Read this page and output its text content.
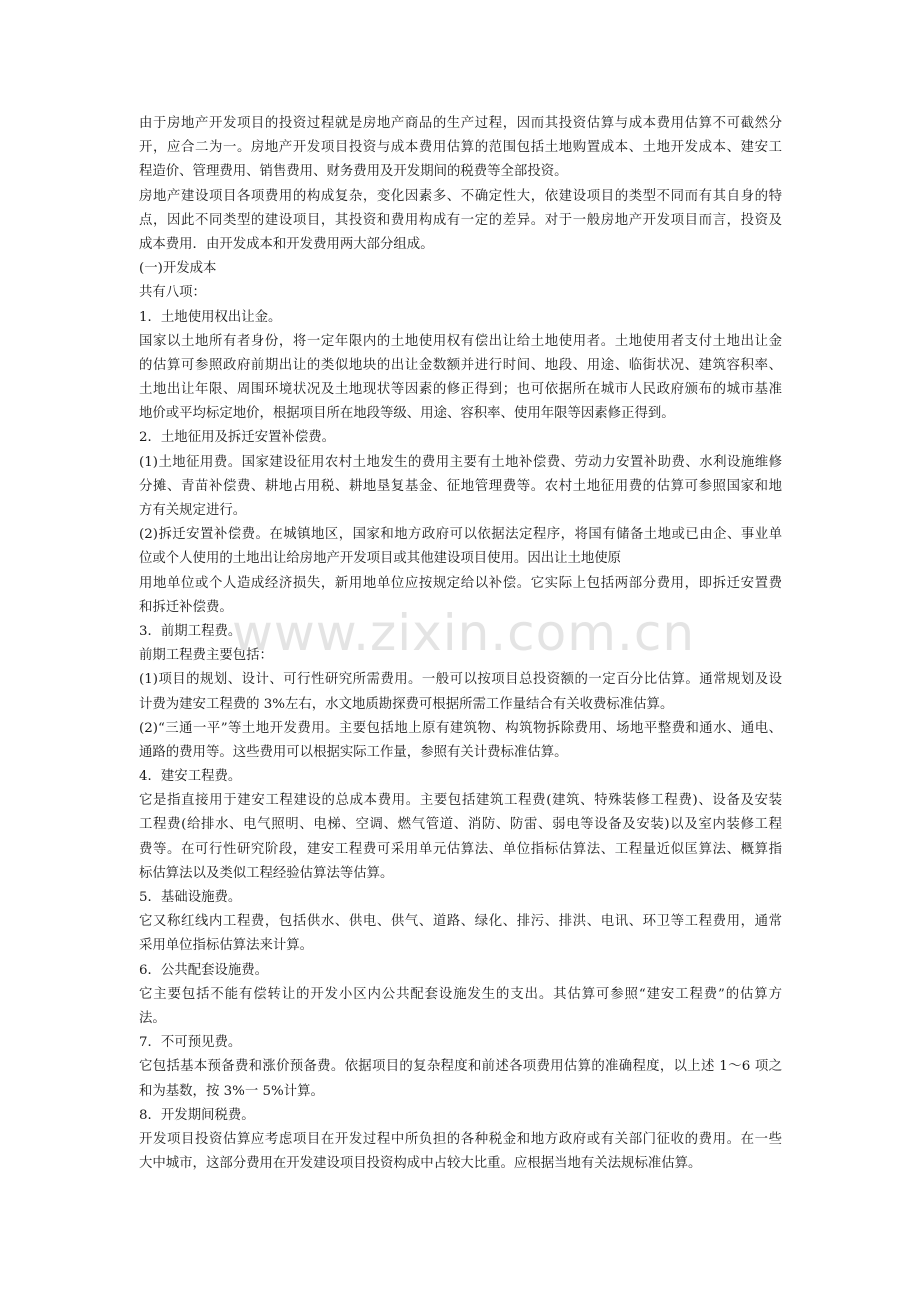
由于房地产开发项目的投资过程就是房地产商品的生产过程，因而其投资估算与成本费用估算不可截然分
开，应合二为一。房地产开发项目投资与成本费用估算的范围包括土地购置成本、土地开发成本、建安工
程造价、管理费用、销售费用、财务费用及开发期间的税费等全部投资。
房地产建设项目各项费用的构成复杂，变化因素多、不确定性大，依建设项目的类型不同而有其自身的特
点，因此不同类型的建设项目，其投资和费用构成有一定的差异。对于一般房地产开发项目而言，投资及
成本费用．由开发成本和开发费用两大部分组成。
(一)开发成本
共有八项：
1．土地使用权出让金。
国家以土地所有者身份，将一定年限内的土地使用权有偿出让给土地使用者。土地使用者支付土地出让金
的估算可参照政府前期出让的类似地块的出让金数额并进行时间、地段、用途、临街状况、建筑容积率、
土地出让年限、周围环境状况及土地现状等因素的修正得到；也可依据所在城市人民政府颁布的城市基准
地价或平均标定地价，根据项目所在地段等级、用途、容积率、使用年限等因素修正得到。
2．土地征用及拆迁安置补偿费。
(1)土地征用费。国家建设征用农村土地发生的费用主要有土地补偿费、劳动力安置补助费、水利设施维修
分摊、青苗补偿费、耕地占用税、耕地垦复基金、征地管理费等。农村土地征用费的估算可参照国家和地
方有关规定进行。
(2)拆迁安置补偿费。在城镇地区，国家和地方政府可以依据法定程序，将国有储备土地或已由企、事业单
位或个人使用的土地出让给房地产开发项目或其他建设项目使用。因出让土地使原
用地单位或个人造成经济损失，新用地单位应按规定给以补偿。它实际上包括两部分费用，即拆迁安置费
和拆迁补偿费。
3．前期工程费。
前期工程费主要包括：
(1)项目的规划、设计、可行性研究所需费用。一般可以按项目总投资额的一定百分比估算。通常规划及设
计费为建安工程费的 3%左右，水文地质勘探费可根据所需工作量结合有关收费标准估算。
(2)“三通一平”等土地开发费用。主要包括地上原有建筑物、构筑物拆除费用、场地平整费和通水、通电、
通路的费用等。这些费用可以根据实际工作量，参照有关计费标准估算。
4．建安工程费。
它是指直接用于建安工程建设的总成本费用。主要包括建筑工程费(建筑、特殊装修工程费)、设备及安装
工程费(给排水、电气照明、电梯、空调、燃气管道、消防、防雷、弱电等设备及安装)以及室内装修工程
费等。在可行性研究阶段，建安工程费可采用单元估算法、单位指标估算法、工程量近似匡算法、概算指
标估算法以及类似工程经验估算法等估算。
5．基础设施费。
它又称红线内工程费，包括供水、供电、供气、道路、绿化、排污、排洪、电讯、环卫等工程费用，通常
采用单位指标估算法来计算。
6．公共配套设施费。
它主要包括不能有偿转让的开发小区内公共配套设施发生的支出。其估算可参照“建安工程费”的估算方
法。
7．不可预见费。
它包括基本预备费和涨价预备费。依据项目的复杂程度和前述各项费用估算的准确程度，以上述 1～6 项之
和为基数，按 3%一 5%计算。
8．开发期间税费。
开发项目投资估算应考虑项目在开发过程中所负担的各种税金和地方政府或有关部门征收的费用。在一些
大中城市，这部分费用在开发建设项目投资构成中占较大比重。应根据当地有关法规标准估算。
www.zixin.com.cn
